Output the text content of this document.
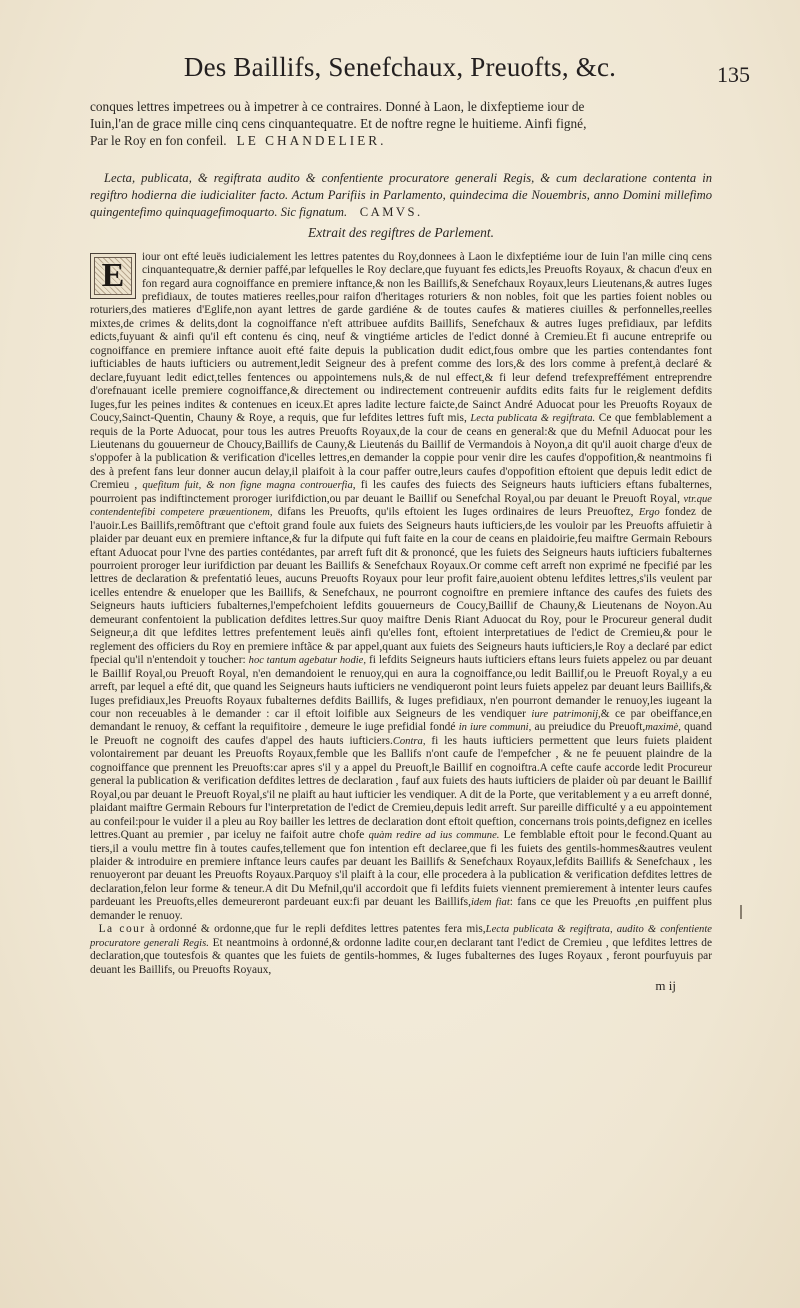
Des Baillifs, Senefchaux, Preuofts, &c.	135

conques lettres impetrees ou à impetrer à ce contraires. Donné à Laon, le dixfeptieme iour de

Iuin,l'an de grace mille cinq cens cinquantequatre. Et de noftre regne le huitieme. Ainfi figné,

Par le Roy en fon confeil. LE CHANDELIER.

Lecta, publicata, & regiftrata audito & confentiente procuratore generali Regis, & cum declaratione contenta in regiftro hodierna die iudicialiter facto. Actum Parifiis in Parlamento, quindecima die Nouembris, anno Domini millefimo quingentefimo quinquagefimoquarto. Sic fignatum. CAMVS.

Extrait des regiftres de Parlement.

E	iour ont efté leuës iudicialement les lettres patentes du Roy,donnees à Laon le dixfeptiéme iour de Iuin l'an mille cinq cens cinquantequatre,& dernier paffé,par lefquelles le Roy declare,que fuyuant fes edicts,les Preuofts Royaux, & chacun d'eux en fon regard aura cognoiffance en premiere inftance,& non les Baillifs,& Senefchaux Royaux,leurs Lieutenans,& autres Iuges prefidiaux, de toutes matieres reelles,pour raifon d'heritages roturiers & non nobles, foit que les parties foient nobles ou roturiers,des matieres d'Eglife,non ayant lettres de garde gardiéne & de toutes caufes & matieres ciuilles & perfonnelles,reelles mixtes,de crimes & delits,dont la cognoiffance n'eft attribuee aufdits Baillifs, Senefchaux & autres Iuges prefidiaux, par lefdits edicts,fuyuant & ainfi qu'il eft contenu és cinq, neuf & vingtiéme articles de l'edict donné à Cremieu.Et fi aucune entreprife ou cognoiffance en premiere inftance auoit efté faite depuis la publication dudit edict,fous ombre que les parties contendantes font iufticiables de hauts iufticiers ou autrement,ledit Seigneur des à prefent comme des lors,& des lors comme à prefent,à declaré & declare,fuyuant ledit edict,telles fentences ou appointemens nuls,& de nul effect,& fi leur defend trefexpreffément entreprendre d'orefnauant icelle premiere cognoiffance,& directement ou indirectement contreuenir aufdits edits faits fur le reiglement defdits Iuges,fur les peines indites & contenues en iceux.Et apres ladite lecture faicte,de Sainct André Aduocat pour les Preuofts Royaux de Coucy,Sainct-Quentin, Chauny & Roye, a requis, que fur lefdites lettres fuft mis, Lecta publicata & regiftrata. Ce que femblablement a requis de la Porte Aduocat, pour tous les autres Preuofts Royaux,de la cour de ceans en general:& que du Mefnil Aduocat pour les Lieutenans du gouuerneur de Choucy,Baillifs de Cauny,& Lieutenás du Baillif de Vermandois à Noyon,a dit qu'il auoit charge d'eux de s'oppofer à la publication & verification d'icelles lettres,en demander la coppie pour venir dire les caufes d'oppofition,& neantmoins fi des à prefent fans leur donner aucun delay,il plaifoit à la cour paffer outre,leurs caufes d'oppofition eftoient que depuis ledit edict de Cremieu , quefitum fuit, & non figne magna controuerfia, fi les caufes des fuiects des Seigneurs hauts iufticiers eftans fubalternes, pourroient pas indiftinctement proroger iurifdiction,ou par deuant le Baillif ou Senefchal Royal,ou par deuant le Preuoft Royal, vtr.que contendentefibi competere præuentionem, difans les Preuofts, qu'ils eftoient les Iuges ordinaires de leurs Preuoftez, Ergo fondez de l'auoir.Les Baillifs,remôftrant que c'eftoit grand foule aux fuiets des Seigneurs hauts iufticiers,de les vouloir par les Preuofts affuietir à plaider par deuant eux en premiere inftance,& fur la difpute qui fuft faite en la cour de ceans en plaidoirie,feu maiftre Germain Rebours eftant Aduocat pour l'vne des parties contédantes, par arreft fuft dit & prononcé, que les fuiets des Seigneurs hauts iufticiers fubalternes pourroient proroger leur iurifdiction par deuant les Baillifs & Senefchaux Royaux.Or comme ceft arreft non exprimé ne fpecifié par les lettres de declaration & prefentatió leues, aucuns Preuofts Royaux pour leur profit faire,auoient obtenu lefdites lettres,s'ils veulent par icelles entendre & enueloper que les Baillifs, & Senefchaux, ne pourront cognoiftre en premiere inftance des caufes des fuiets des Seigneurs hauts iufticiers fubalternes,l'empefchoient lefdits gouuerneurs de Coucy,Baillif de Chauny,& Lieutenans de Noyon.Au demeurant confentoient la publication defdites lettres.Sur quoy maiftre Denis Riant Aduocat du Roy, pour le Procureur general dudit Seigneur,a dit que lefdites lettres prefentement leuës ainfi qu'elles font, eftoient interpretatiues de l'edict de Cremieu,& pour le reglement des officiers du Roy en premiere inftãce & par appel,quant aux fuiets des Seigneurs hauts iufticiers,le Roy a declaré par edict fpecial qu'il n'entendoit y toucher: hoc tantum agebatur hodie, fi lefdits Seigneurs hauts iufticiers eftans leurs fuiets appelez ou par deuant le Baillif Royal,ou Preuoft Royal, n'en demandoient le renuoy,qui en aura la cognoiffance,ou ledit Baillif,ou le Preuoft Royal,y a eu arreft, par lequel a efté dit, que quand les Seigneurs hauts iufticiers ne vendiqueront point leurs fuiets appelez par deuant leurs Baillifs,& Iuges prefidiaux,les Preuofts Royaux fubalternes defdits Baillifs, & Iuges prefidiaux, n'en pourront demander le renuoy,les iugeant la cour non receuables à le demander : car il eftoit loifible aux Seigneurs de les vendiquer iure patrimonij,& ce par obeiffance,en demandant le renuoy, & ceffant la requifitoire , demeure le iuge prefidial fondé in iure communi, au preiudice du Preuoft,maximè, quand le Preuoft ne cognoift des caufes d'appel des hauts iufticiers.Contra, fi les hauts iufticiers permettent que leurs fuiets plaident volontairement par deuant les Preuofts Royaux,femble que les Ballifs n'ont caufe de l'empefcher , & ne fe peuuent plaindre de la cognoiffance que prennent les Preuofts:car apres s'il y a appel du Preuoft,le Baillif en cognoiftra.A cefte caufe accorde ledit Procureur general la publication & verification defdites lettres de declaration , fauf aux fuiets des hauts iufticiers de plaider où par deuant le Baillif Royal,ou par deuant le Preuoft Royal,s'il ne plaift au haut iufticier les vendiquer. A dit de la Porte, que veritablement y a eu arreft donné, plaidant maiftre Germain Rebours fur l'interpretation de l'edict de Cremieu,depuis ledit arreft. Sur pareille difficulté y a eu appointement au confeil:pour le vuider il a pleu au Roy bailler les lettres de declaration dont eftoit queftion, concernans trois points,defignez en icelles lettres.Quant au premier , par iceluy ne faifoit autre chofe quàm redire ad ius commune. Le femblable eftoit pour le fecond.Quant au tiers,il a voulu mettre fin à toutes caufes,tellement que fon intention eft declaree,que fi les fuiets des gentils-hommes&autres veulent plaider & introduire en premiere inftance leurs caufes par deuant les Baillifs & Senefchaux Royaux,lefdits Baillifs & Senefchaux , les renuoyeront par deuant les Preuofts Royaux.Parquoy s'il plaift à la cour, elle procedera à la publication & verification defdites lettres de declaration,felon leur forme & teneur.A dit Du Mefnil,qu'il accordoit que fi lefdits fuiets viennent premierement à intenter leurs caufes pardeuant les Preuofts,elles demeureront pardeuant eux:fi par deuant les Baillifs,idem fiat: fans ce que les Preuofts ,en puiffent plus demander le renuoy.

La cour à ordonné & ordonne,que fur le repli defdites lettres patentes fera mis,Lecta publicata & regiftrata, audito & confentiente procuratore generali Regis. Et neantmoins à ordonné,& ordonne ladite cour,en declarant tant l'edict de Cremieu , que lefdites lettres de declaration,que toutesfois & quantes que les fuiets de gentils-hommes, & Iuges fubalternes des Iuges Royaux , feront pourfuyuis par deuant les Baillifs, ou Preuofts Royaux,

m ij
